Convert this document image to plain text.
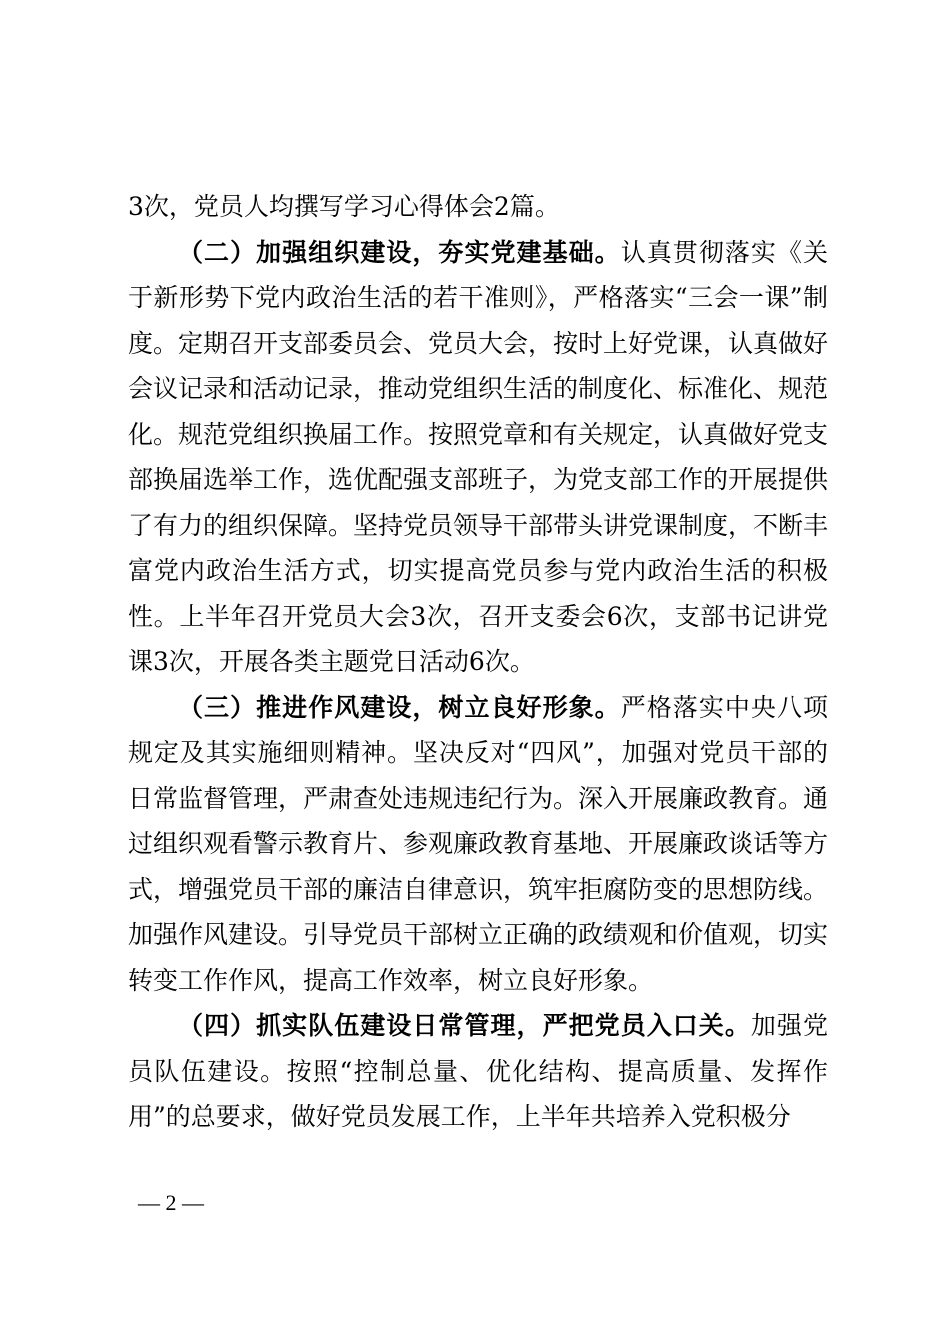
3次，党员人均撰写学习心得体会2篇。

（二）加强组织建设，夯实党建基础。认真贯彻落实《关于新形势下党内政治生活的若干准则》，严格落实“三会一课”制度。定期召开支部委员会、党员大会，按时上好党课，认真做好会议记录和活动记录，推动党组织生活的制度化、标准化、规范化。规范党组织换届工作。按照党章和有关规定，认真做好党支部换届选举工作，选优配强支部班子，为党支部工作的开展提供了有力的组织保障。坚持党员领导干部带头讲党课制度，不断丰富党内政治生活方式，切实提高党员参与党内政治生活的积极性。上半年召开党员大会3次，召开支委会6次，支部书记讲党课3次，开展各类主题党日活动6次。

（三）推进作风建设，树立良好形象。严格落实中央八项规定及其实施细则精神。坚决反对“四风”，加强对党员干部的日常监督管理，严肃查处违规违纪行为。深入开展廉政教育。通过组织观看警示教育片、参观廉政教育基地、开展廉政谈话等方式，增强党员干部的廉洁自律意识，筑牢拒腐防变的思想防线。加强作风建设。引导党员干部树立正确的政绩观和价值观，切实转变工作作风，提高工作效率，树立良好形象。

（四）抓实队伍建设日常管理，严把党员入口关。加强党员队伍建设。按照“控制总量、优化结构、提高质量、发挥作用”的总要求，做好党员发展工作，上半年共培养入党积极分

— 2 —
